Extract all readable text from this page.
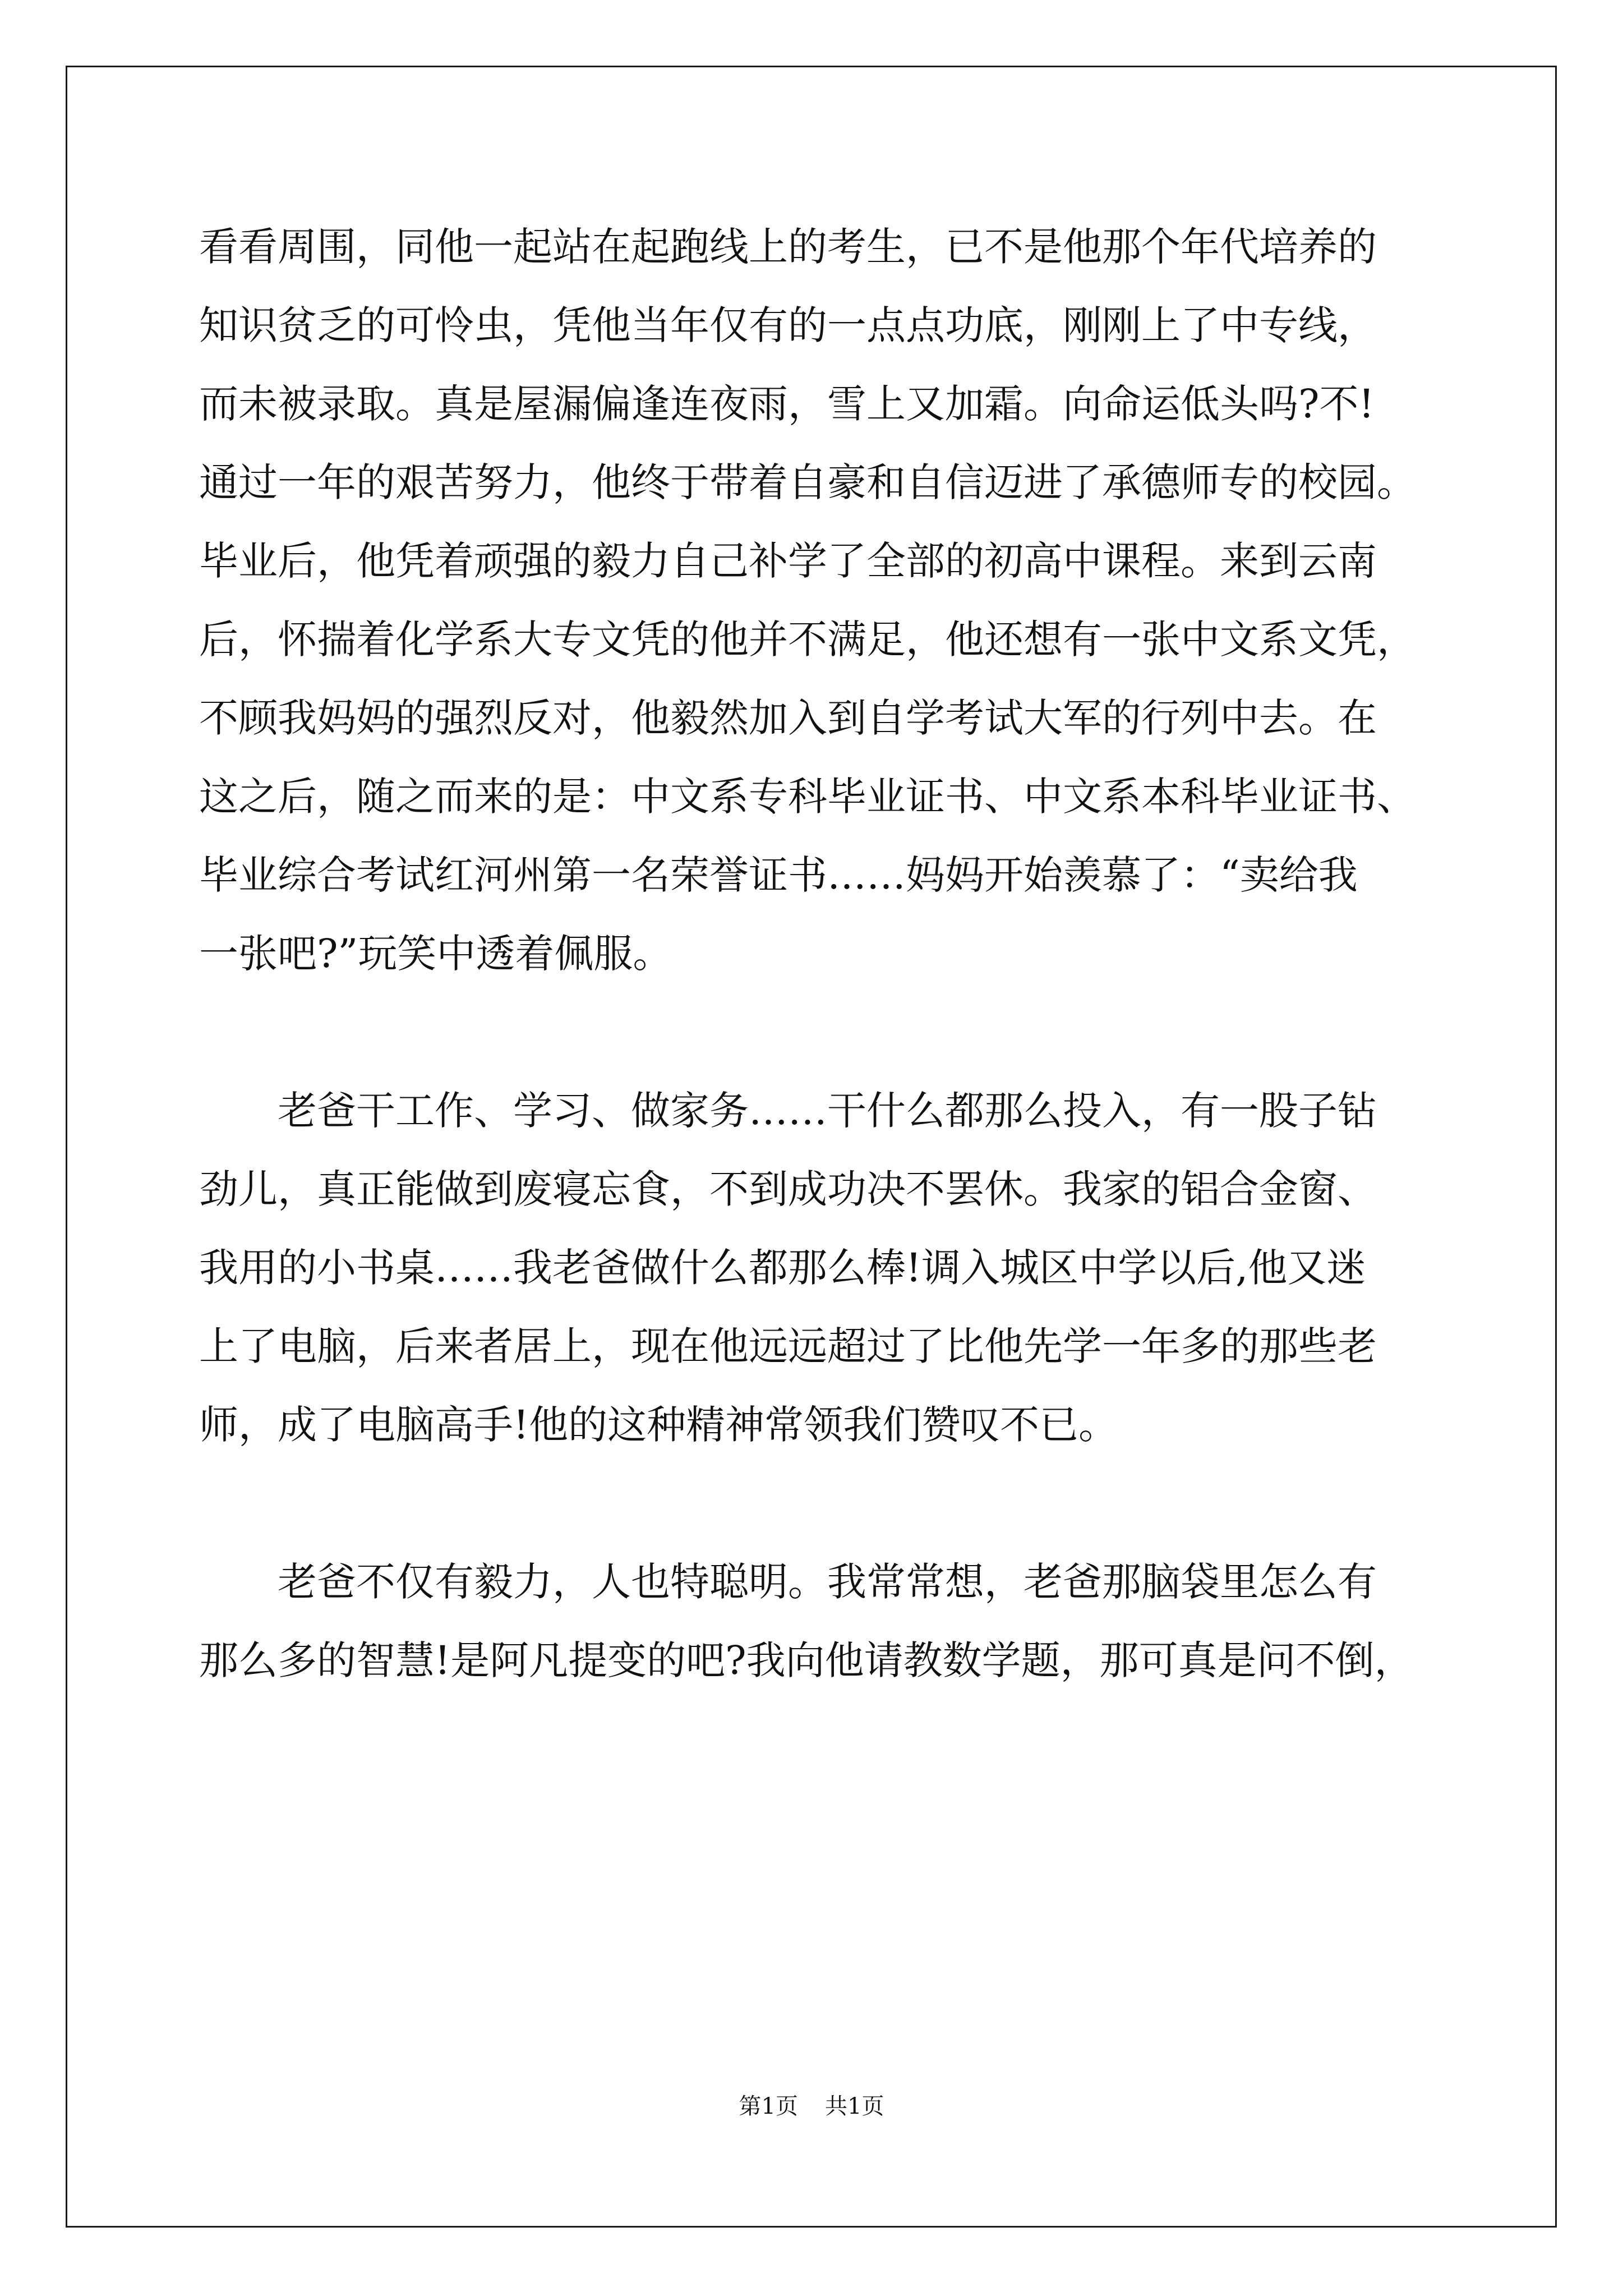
看看周围，同他一起站在起跑线上的考生，已不是他那个年代培养的
知识贫乏的可怜虫，凭他当年仅有的一点点功底，刚刚上了中专线，
而未被录取。真是屋漏偏逢连夜雨，雪上又加霜。向命运低头吗?不!
通过一年的艰苦努力，他终于带着自豪和自信迈进了承德师专的校园。
毕业后，他凭着顽强的毅力自己补学了全部的初高中课程。来到云南
后，怀揣着化学系大专文凭的他并不满足，他还想有一张中文系文凭，
不顾我妈妈的强烈反对，他毅然加入到自学考试大军的行列中去。在
这之后，随之而来的是：中文系专科毕业证书、中文系本科毕业证书、
毕业综合考试红河州第一名荣誉证书……妈妈开始羡慕了：“卖给我
一张吧?”玩笑中透着佩服。
老爸干工作、学习、做家务……干什么都那么投入，有一股子钻
劲儿，真正能做到废寝忘食，不到成功决不罢休。我家的铝合金窗、
我用的小书桌……我老爸做什么都那么棒!调入城区中学以后,他又迷
上了电脑，后来者居上，现在他远远超过了比他先学一年多的那些老
师，成了电脑高手!他的这种精神常领我们赞叹不已。
老爸不仅有毅力，人也特聪明。我常常想，老爸那脑袋里怎么有
那么多的智慧!是阿凡提变的吧?我向他请教数学题，那可真是问不倒，
第1页 共1页
